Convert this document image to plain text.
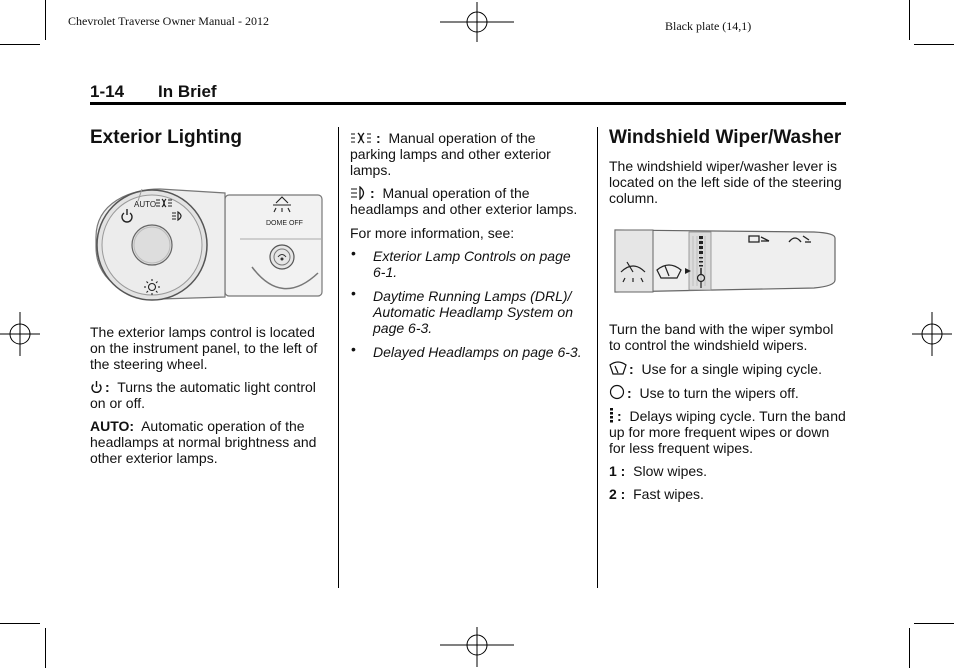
Chevrolet Traverse Owner Manual - 2012	Black plate (14,1)
1-14 In Brief
Exterior Lighting
AUTO
DOME OFF

The exterior lamps control is located on the instrument panel, to the left of the steering wheel.

: Turns the automatic light control on or off.

AUTO: Automatic operation of the headlamps at normal brightness and other exterior lamps.

: Manual operation of the parking lamps and other exterior lamps.

: Manual operation of the headlamps and other exterior lamps.

For more information, see:

• Exterior Lamp Controls on page 6-1.
• Daytime Running Lamps (DRL)/ Automatic Headlamp System on page 6-3.
• Delayed Headlamps on page 6-3.
Windshield Wiper/Washer

The windshield wiper/washer lever is located on the left side of the steering column.

Turn the band with the wiper symbol to control the windshield wipers.

: Use for a single wiping cycle.

: Use to turn the wipers off.

: Delays wiping cycle. Turn the band up for more frequent wipes or down for less frequent wipes.

1 : Slow wipes.

2 : Fast wipes.
